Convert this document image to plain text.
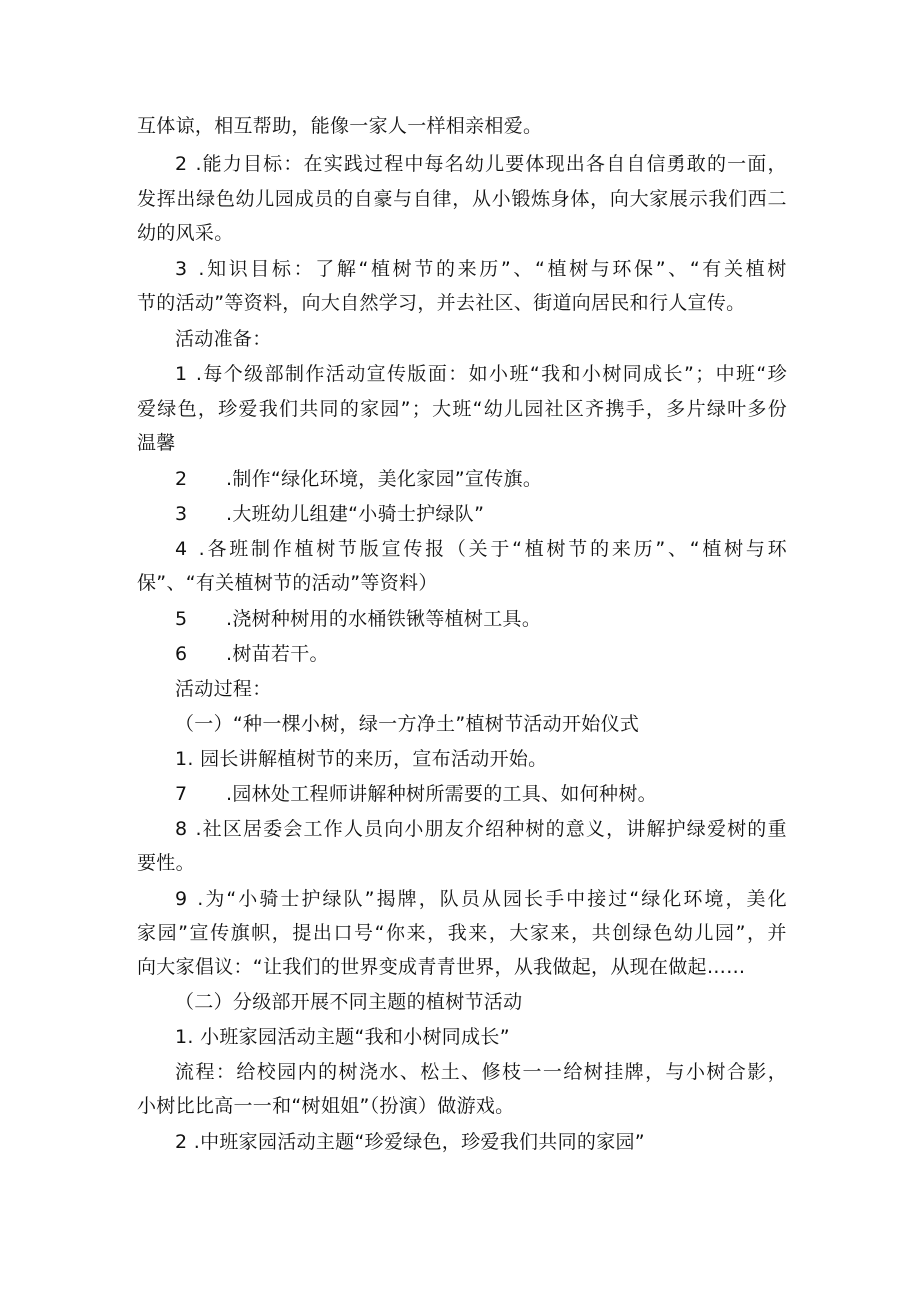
互体谅，相互帮助，能像一家人一样相亲相爱。
2
. 能 力 目 标 ： 在 实 践 过 程 中 每 名 幼 儿 要 体 现 出 各 自 自 信 勇 敢 的 一 面 ，
发 挥 出 绿 色 幼 儿 园 成 员 的 自 豪 与 自 律 ， 从 小 锻 炼 身 体 ， 向 大 家 展 示 我 们 西 二
幼的风采。
3
. 知 识 目 标 ： 了 解 “ 植 树 节 的 来 历 ” 、 “ 植 树 与 环 保 ” 、 “ 有 关 植 树
节的活动”等资料，向大自然学习，并去社区、街道向居民和行人宣传。
活动准备：
1
. 每 个 级 部 制 作 活 动 宣 传 版 面 ： 如 小 班 “ 我 和 小 树 同 成 长 ” ； 中 班 “ 珍
爱 绿 色 ， 珍 爱 我 们 共 同 的 家 园 ” ； 大 班 “ 幼 儿 园 社 区 齐 携 手 ， 多 片 绿 叶 多 份
温馨
2　　.制作“绿化环境，美化家园”宣传旗。
3　　.大班幼儿组建“小骑士护绿队”
4
. 各 班 制 作 植 树 节 版 宣 传 报 （ 关 于 “ 植 树 节 的 来 历 ” 、 “ 植 树 与 环
保”、“有关植树节的活动”等资料）
5　　.浇树种树用的水桶铁锹等植树工具。
6　　.树苗若干。
活动过程：
（一）“种一棵小树，绿一方净土”植树节活动开始仪式
1. 园长讲解植树节的来历，宣布活动开始。
7　　.园林处工程师讲解种树所需要的工具、如何种树。
8
. 社 区 居 委 会 工 作 人 员 向 小 朋 友 介 绍 种 树 的 意 义 ， 讲 解 护 绿 爱 树 的 重
要性。
9
. 为 “ 小 骑 士 护 绿 队 ” 揭 牌 ， 队 员 从 园 长 手 中 接 过 “ 绿 化 环 境 ， 美 化
家 园 ” 宣 传 旗 帜 ， 提 出 口 号 “ 你 来 ， 我 来 ， 大 家 来 ， 共 创 绿 色 幼 儿 园 ” ， 并
向大家倡议：“让我们的世界变成青青世界，从我做起，从现在做起……
（二）分级部开展不同主题的植树节活动
1. 小班家园活动主题“我和小树同成长”
流 程 ： 给 校 园 内 的 树 浇 水 、 松 土 、 修 枝 一 一 给 树 挂 牌 ， 与 小 树 合 影 ，
小树比比高一一和“树姐姐”（扮演）做游戏。
2 .中班家园活动主题“珍爱绿色，珍爱我们共同的家园”
